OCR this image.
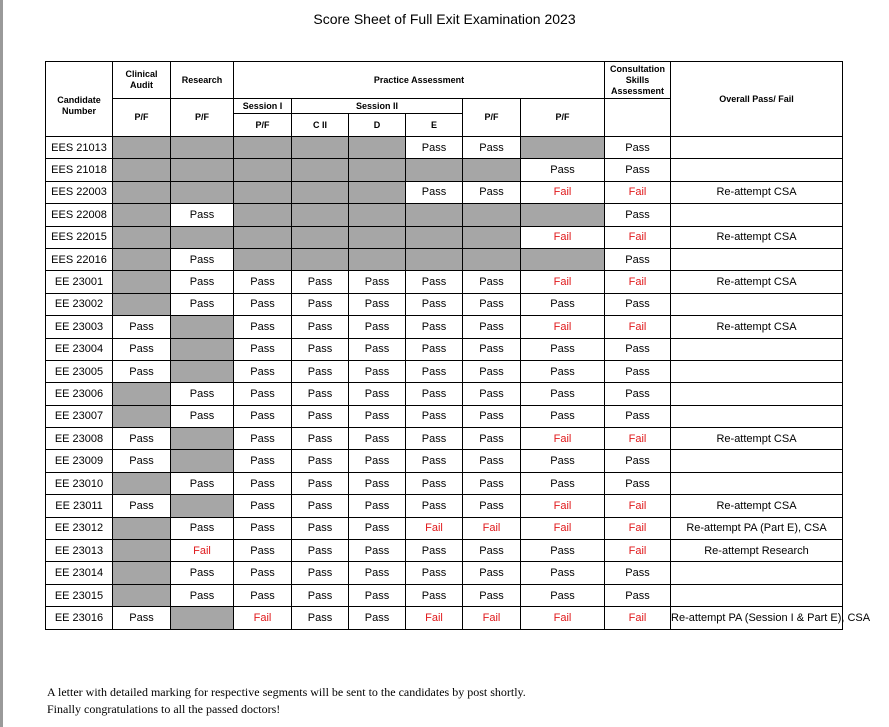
Score Sheet of Full Exit Examination 2023
Candidate Number	Clinical Audit	Research	Practice Assessment						Consultation Skills Assessment	Overall Pass/ Fail	
	P/F	P/F	Session I	Session II			P/F	P/F			
			P/F	C II	D	E					
EES 21013						Pass	Pass		Pass		
EES 21018								Pass	Pass		
EES 22003						Pass	Pass	Fail	Fail	Re-attempt CSA	
EES 22008		Pass							Pass		
EES 22015								Fail	Fail	Re-attempt CSA	
EES 22016		Pass							Pass		
EE 23001		Pass	Pass	Pass	Pass	Pass	Pass	Fail	Fail	Re-attempt CSA	
EE 23002		Pass	Pass	Pass	Pass	Pass	Pass	Pass	Pass		
EE 23003	Pass		Pass	Pass	Pass	Pass	Pass	Fail	Fail	Re-attempt CSA	
EE 23004	Pass		Pass	Pass	Pass	Pass	Pass	Pass	Pass		
EE 23005	Pass		Pass	Pass	Pass	Pass	Pass	Pass	Pass		
EE 23006		Pass	Pass	Pass	Pass	Pass	Pass	Pass	Pass		
EE 23007		Pass	Pass	Pass	Pass	Pass	Pass	Pass	Pass		
EE 23008	Pass		Pass	Pass	Pass	Pass	Pass	Fail	Fail	Re-attempt CSA	
EE 23009	Pass		Pass	Pass	Pass	Pass	Pass	Pass	Pass		
EE 23010		Pass	Pass	Pass	Pass	Pass	Pass	Pass	Pass		
EE 23011	Pass		Pass	Pass	Pass	Pass	Pass	Fail	Fail	Re-attempt CSA	
EE 23012		Pass	Pass	Pass	Pass	Fail	Fail	Fail	Fail	Re-attempt PA (Part E), CSA	
EE 23013		Fail	Pass	Pass	Pass	Pass	Pass	Pass	Fail	Re-attempt Research	
EE 23014		Pass	Pass	Pass	Pass	Pass	Pass	Pass	Pass		
EE 23015		Pass	Pass	Pass	Pass	Pass	Pass	Pass	Pass		
EE 23016	Pass		Fail	Pass	Pass	Fail	Fail	Fail	Fail	Re-attempt PA (Session I & Part E), CSA	
A letter with detailed marking for respective segments will be sent to the candidates by post shortly.
Finally congratulations to all the passed doctors!
